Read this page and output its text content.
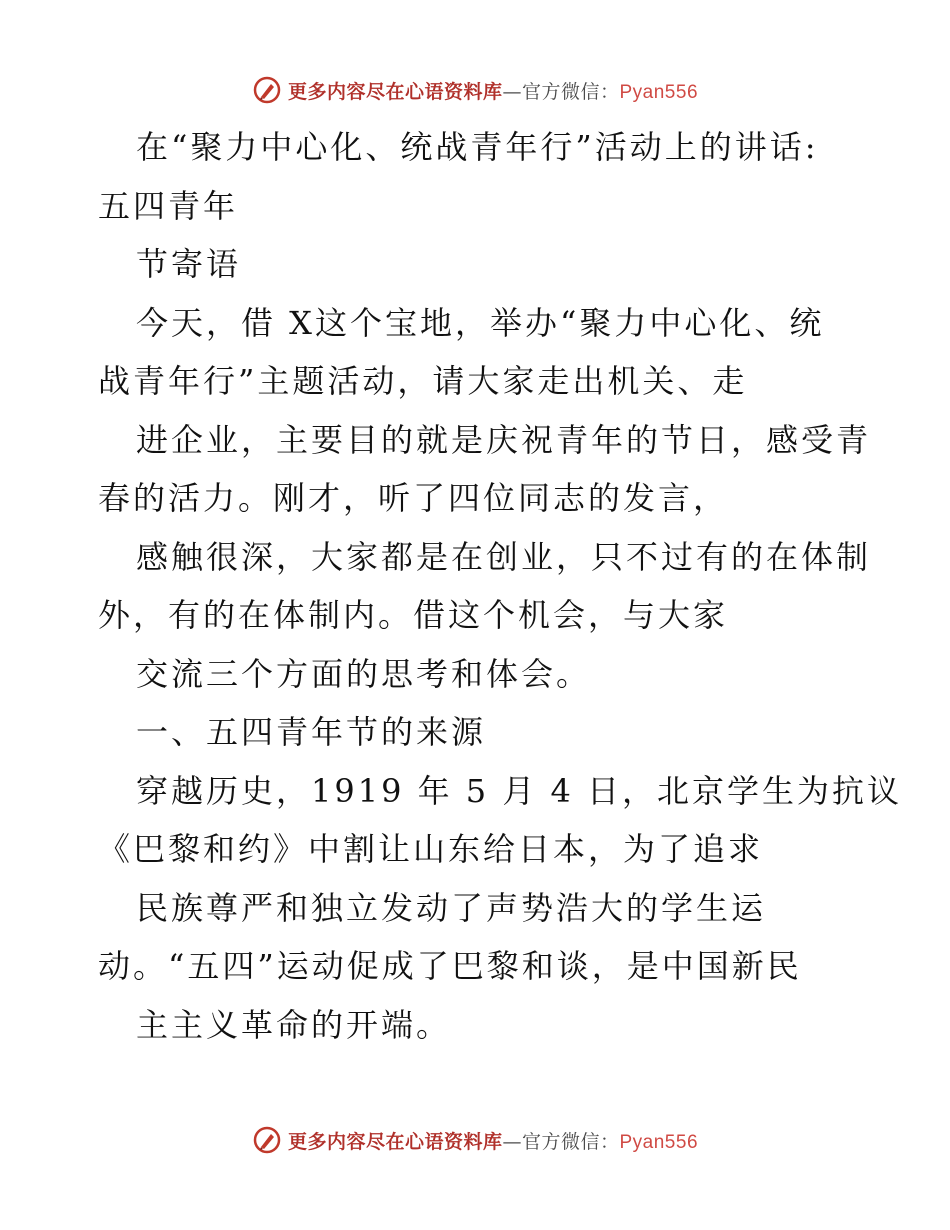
更多内容尽在心语资料库—官方微信：Pyan556
在“聚力中心化、统战青年行”活动上的讲话:
五四青年
节寄语
今天，借 X这个宝地，举办“聚力中心化、统
战青年行”主题活动，请大家走出机关、走
进企业，主要目的就是庆祝青年的节日，感受青
春的活力。刚才，听了四位同志的发言，
感触很深，大家都是在创业，只不过有的在体制
外，有的在体制内。借这个机会，与大家
交流三个方面的思考和体会。
一、五四青年节的来源
穿越历史，1919 年 5 月 4 日，北京学生为抗议
《巴黎和约》中割让山东给日本，为了追求
民族尊严和独立发动了声势浩大的学生运
动。“五四”运动促成了巴黎和谈，是中国新民
主主义革命的开端。
更多内容尽在心语资料库—官方微信：Pyan556
